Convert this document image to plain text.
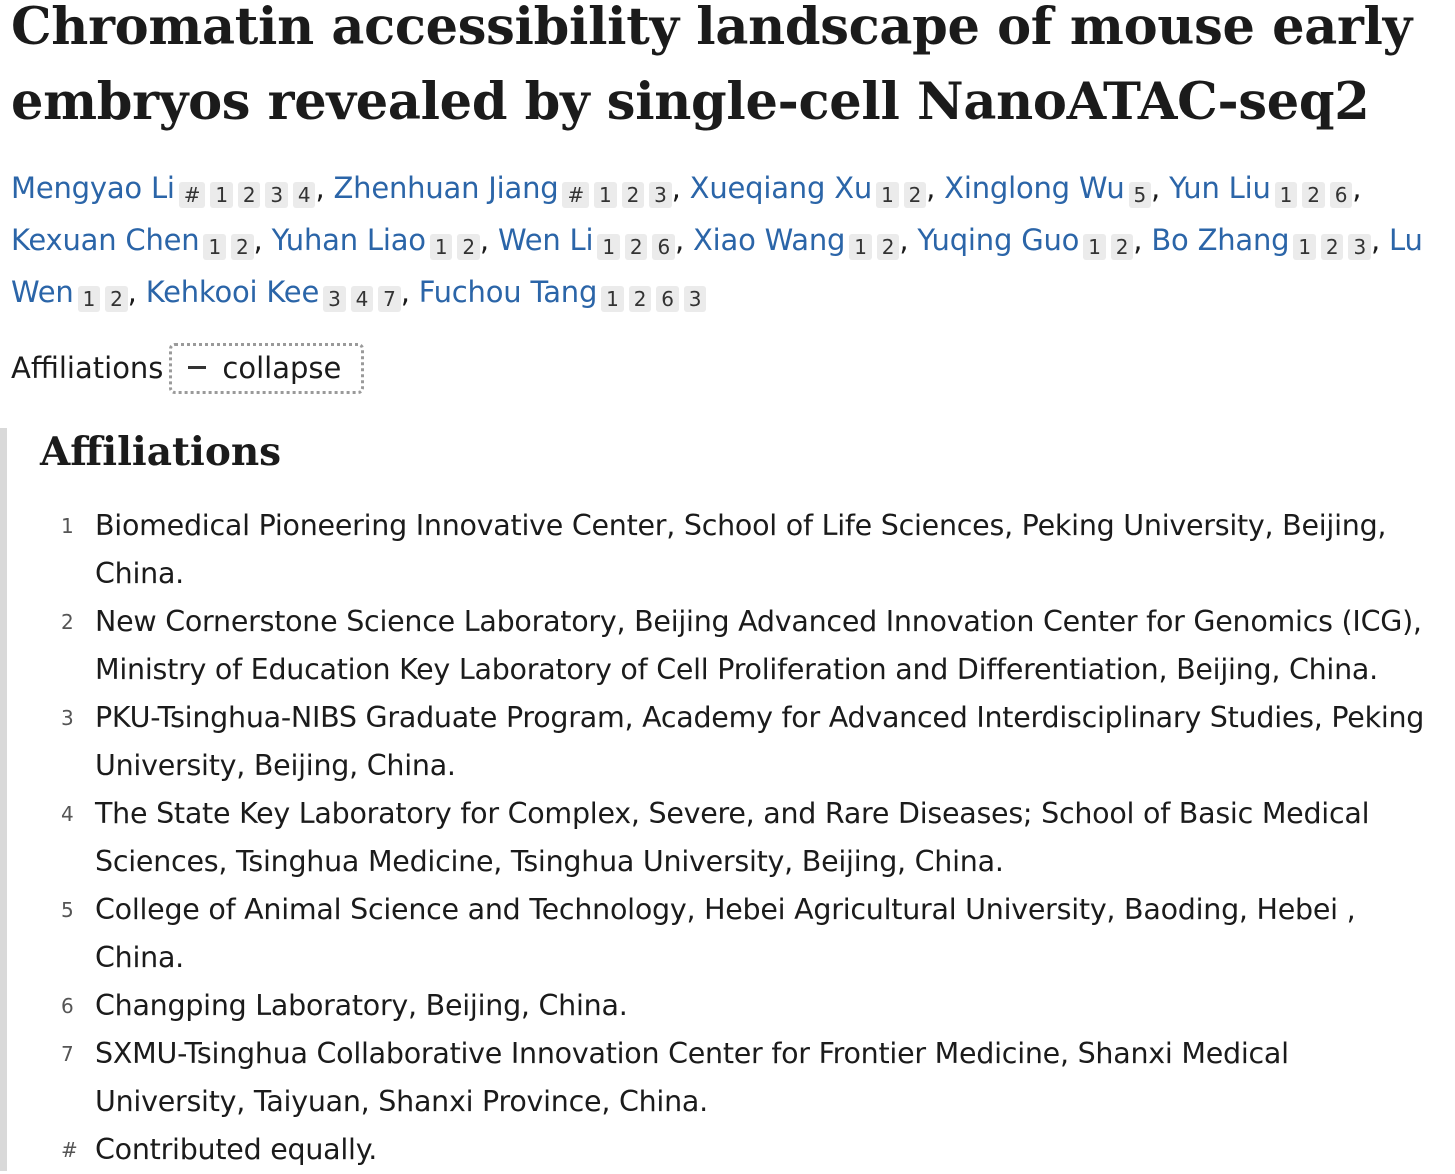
Chromatin accessibility landscape of mouse early embryos revealed by single-cell NanoATAC-seq2
Mengyao Li # 1 2 3 4 , Zhenhuan Jiang # 1 2 3 , Xueqiang Xu 1 2 , Xinglong Wu 5 , Yun Liu 1 2 6 , Kexuan Chen 1 2 , Yuhan Liao 1 2 , Wen Li 1 2 6 , Xiao Wang 1 2 , Yuqing Guo 1 2 , Bo Zhang 1 2 3 , Lu Wen 1 2 , Kehkooi Kee 3 4 7 , Fuchou Tang 1 2 6 3
Affiliations collapse
Affiliations
1 Biomedical Pioneering Innovative Center, School of Life Sciences, Peking University, Beijing, China.
2 New Cornerstone Science Laboratory, Beijing Advanced Innovation Center for Genomics (ICG), Ministry of Education Key Laboratory of Cell Proliferation and Differentiation, Beijing, China.
3 PKU-Tsinghua-NIBS Graduate Program, Academy for Advanced Interdisciplinary Studies, Peking University, Beijing, China.
4 The State Key Laboratory for Complex, Severe, and Rare Diseases; School of Basic Medical Sciences, Tsinghua Medicine, Tsinghua University, Beijing, China.
5 College of Animal Science and Technology, Hebei Agricultural University, Baoding, Hebei , China.
6 Changping Laboratory, Beijing, China.
7 SXMU-Tsinghua Collaborative Innovation Center for Frontier Medicine, Shanxi Medical University, Taiyuan, Shanxi Province, China.
# Contributed equally.
